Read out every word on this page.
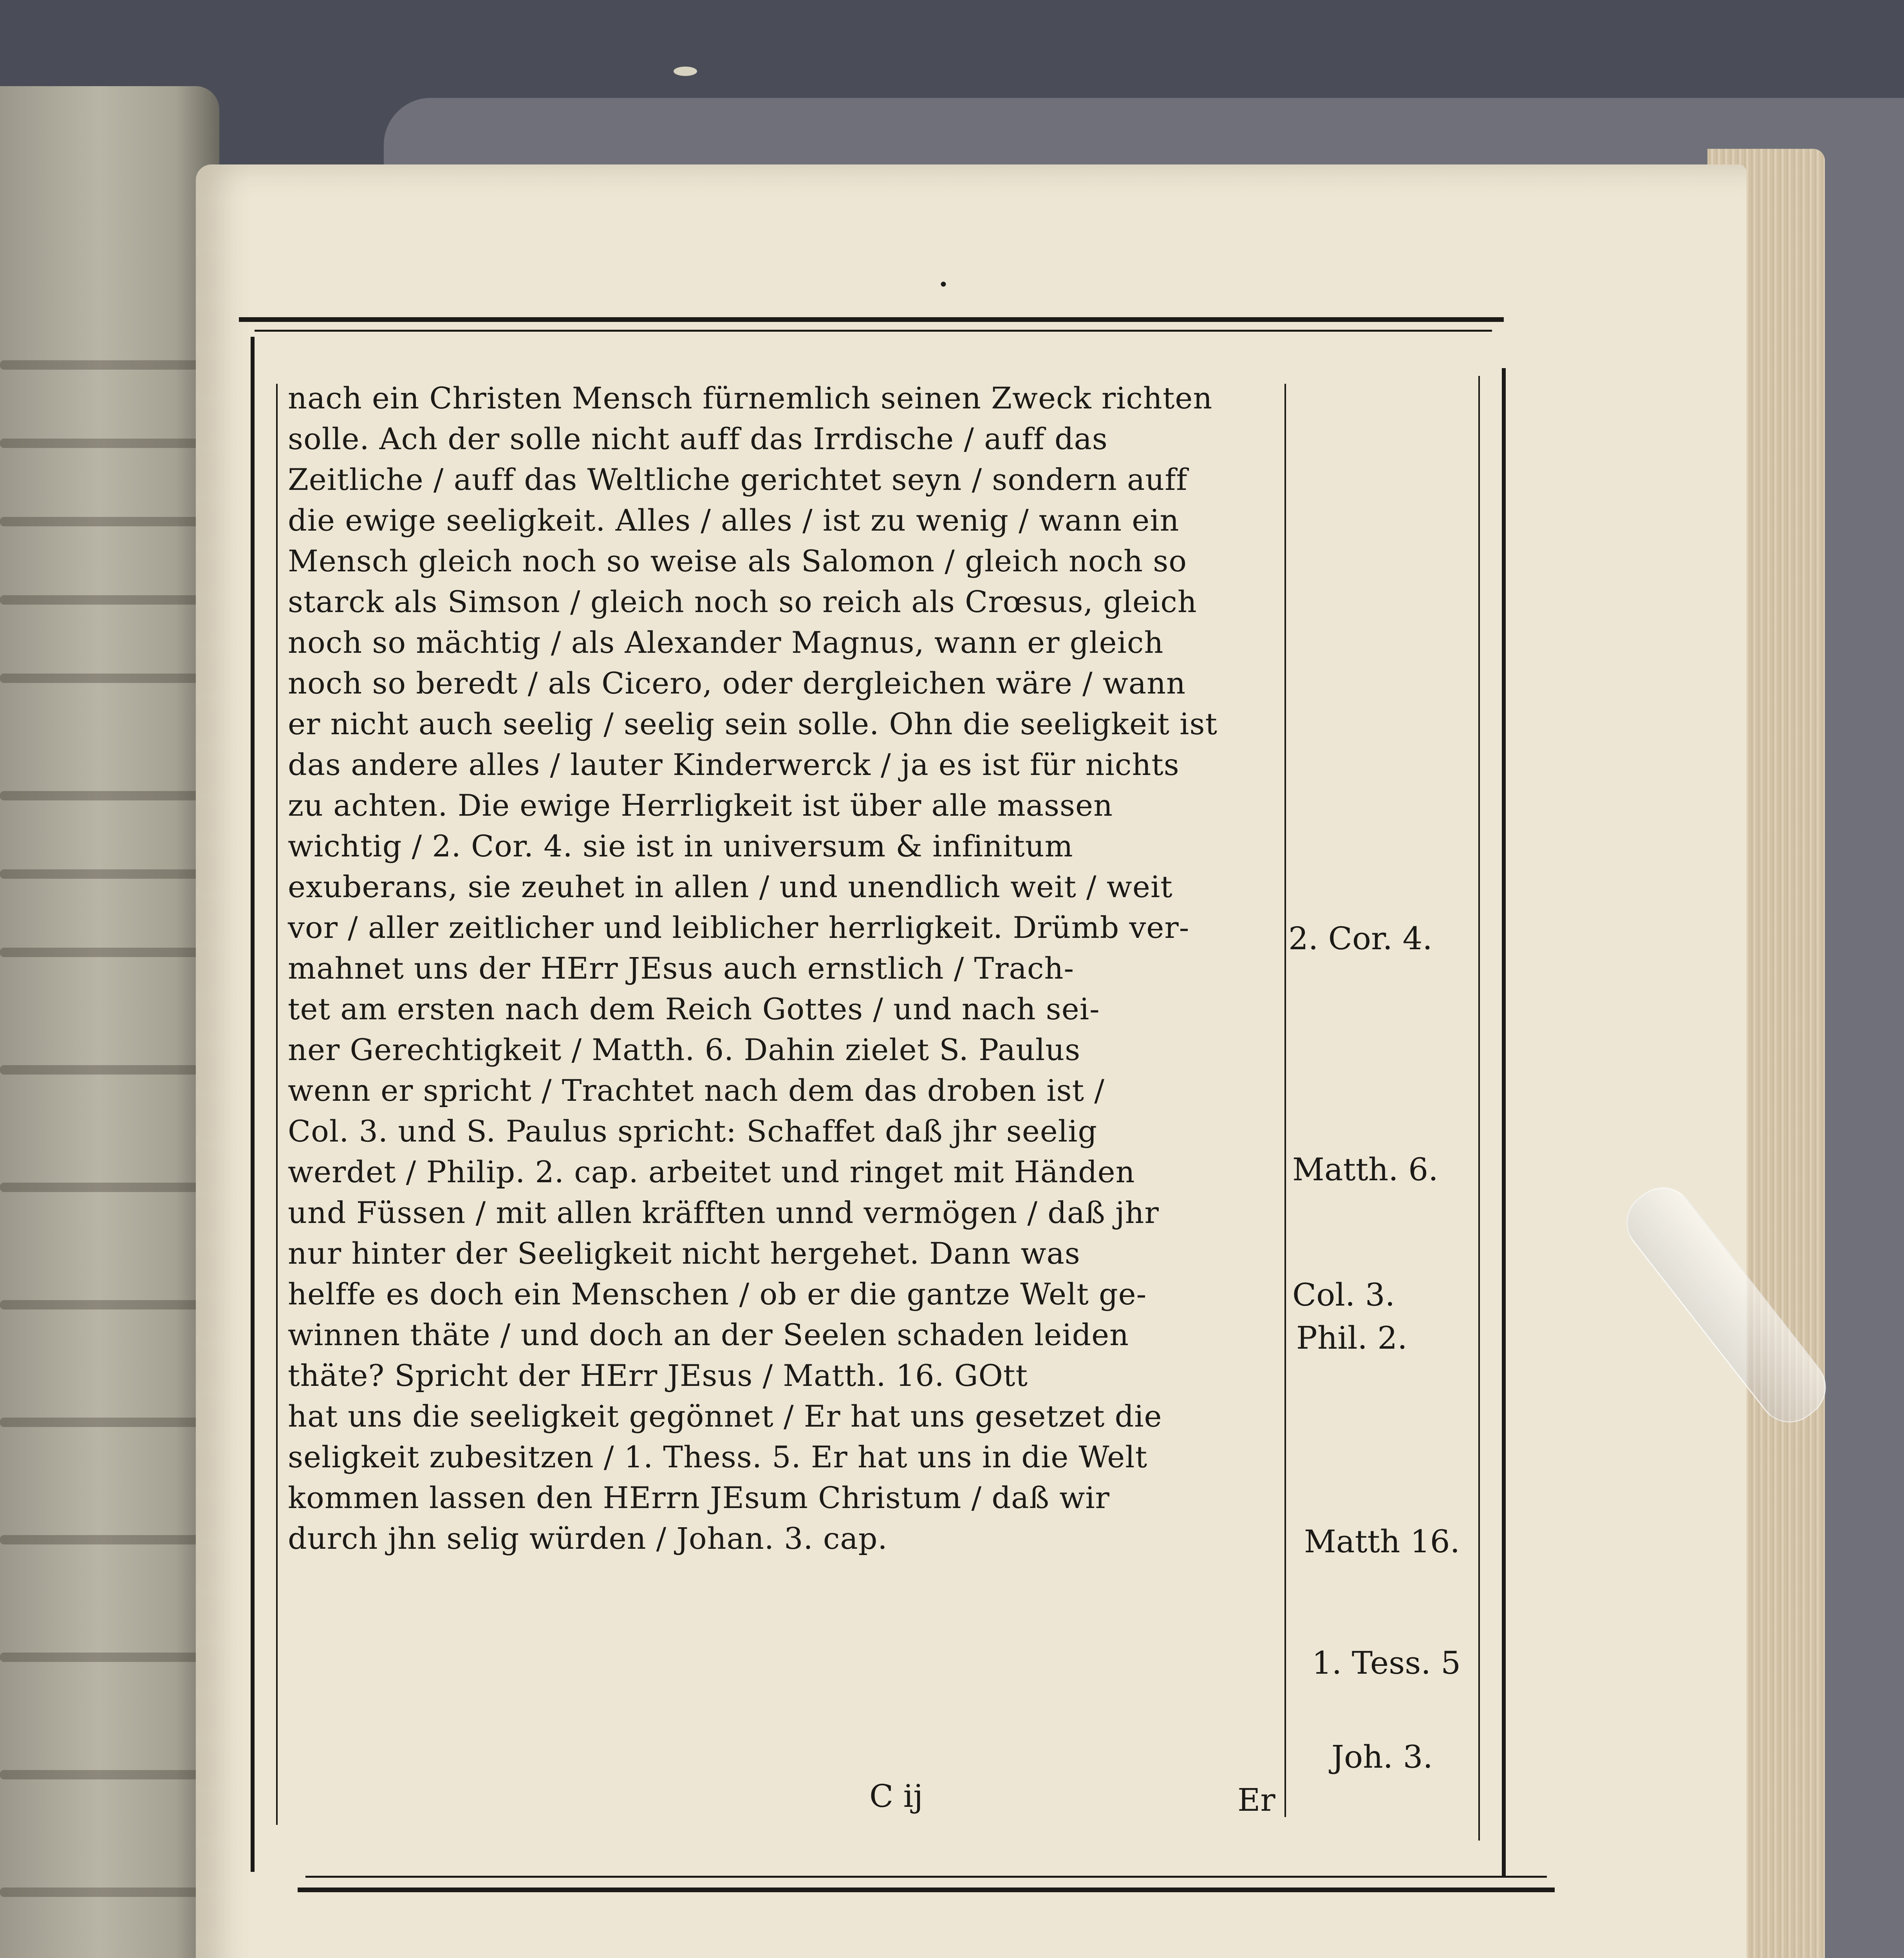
•
nach ein Christen Mensch fürnemlich seinen Zweck richten
solle. Ach der solle nicht auff das Irrdische / auff das
Zeitliche / auff das Weltliche gerichtet seyn / sondern auff
die ewige seeligkeit. Alles / alles / ist zu wenig / wann ein
Mensch gleich noch so weise als Salomon / gleich noch so
starck als Simson / gleich noch so reich als Crœsus, gleich
noch so mächtig / als Alexander Magnus, wann er gleich
noch so beredt / als Cicero, oder dergleichen wäre / wann
er nicht auch seelig / seelig sein solle. Ohn die seeligkeit ist
das andere alles / lauter Kinderwerck / ja es ist für nichts
zu achten. Die ewige Herrligkeit ist über alle massen
wichtig / 2. Cor. 4. sie ist in universum & infinitum
exuberans, sie zeuhet in allen / und unendlich weit / weit
vor / aller zeitlicher und leiblicher herrligkeit. Drümb ver-
mahnet uns der HErr JEsus auch ernstlich / Trach-
tet am ersten nach dem Reich Gottes / und nach sei-
ner Gerechtigkeit / Matth. 6. Dahin zielet S. Paulus
wenn er spricht / Trachtet nach dem das droben ist /
Col. 3. und S. Paulus spricht: Schaffet daß jhr seelig
werdet / Philip. 2. cap. arbeitet und ringet mit Händen
und Füssen / mit allen kräfften unnd vermögen / daß jhr
nur hinter der Seeligkeit nicht hergehet. Dann was
helffe es doch ein Menschen / ob er die gantze Welt ge-
winnen thäte / und doch an der Seelen schaden leiden
thäte? Spricht der HErr JEsus / Matth. 16. GOtt
hat uns die seeligkeit gegönnet / Er hat uns gesetzet die
seligkeit zubesitzen / 1. Thess. 5. Er hat uns in die Welt
kommen lassen den HErrn JEsum Christum / daß wir
durch jhn selig würden / Johan. 3. cap.
C ij	Er
2. Cor. 4.
Matth. 6.
Col. 3.
Phil. 2.
Matth 16.
1. Tess. 5
Joh. 3.
